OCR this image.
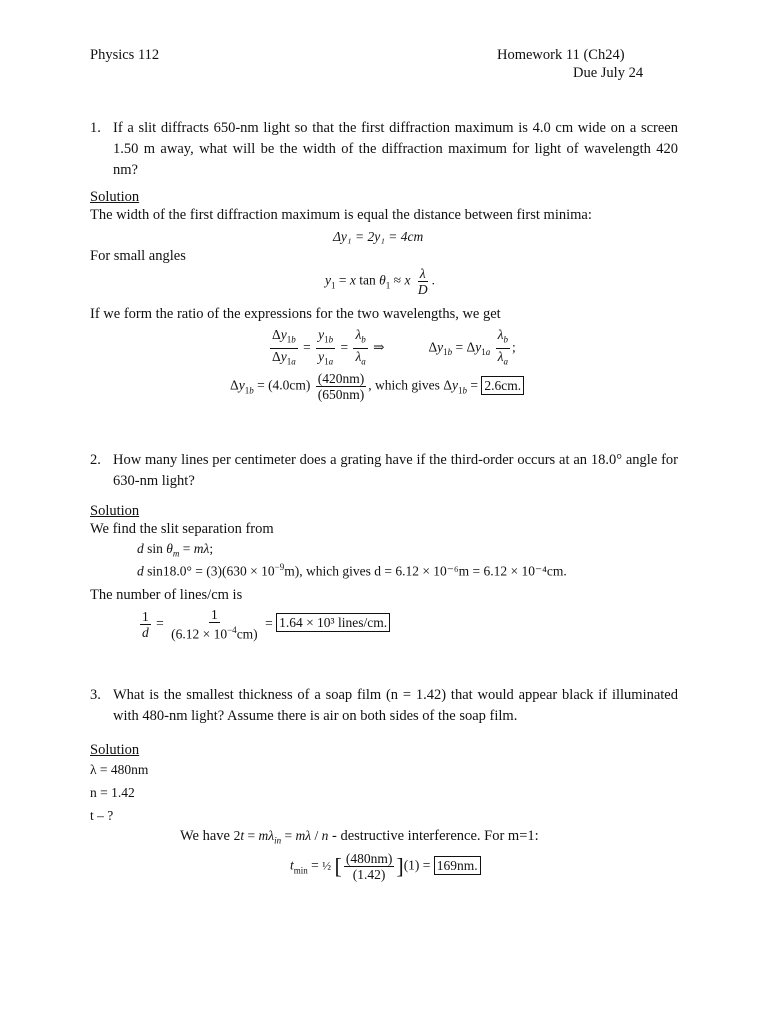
Physics 112	Homework 11 (Ch24)
Due July 24
1. If a slit diffracts 650-nm light so that the first diffraction maximum is 4.0 cm wide on a screen 1.50 m away, what will be the width of the diffraction maximum for light of wavelength 420 nm?
Solution
The width of the first diffraction maximum is equal the distance between first minima:
Δy₁ = 2y₁ = 4cm
For small angles
$y_1 = x$ $\tan \theta_1 \approx x \frac{\lambda}{D}$ .
If we form the ratio of the expressions for the two wavelengths, we get
$\frac{\Delta y_{1b}}{\Delta y_{1a}} = \frac{y_{1b}}{y_{1a}} = \frac{\lambda_b}{\lambda_a}$ ⇒	$\Delta y_{1b} = \Delta y_{1a} \frac{\lambda_b}{\lambda_a}$ ;
$\Delta y_{1b} = (4.0cm) \frac{(420nm)}{(650nm)}$ , which gives $\Delta y_{1b} = 2.6cm$.
2. How many lines per centimeter does a grating have if the third-order occurs at an 18.0° angle for 630-nm light?
Solution
We find the slit separation from
d $\sin \theta_m = m\lambda$;
d $\sin 18.0^\circ = (3)(630 \times 10^{-9}m)$, which gives d = 6.12 × 10⁻⁶m = 6.12 × 10⁻⁴cm.
The number of lines/cm is
$\frac{1}{d} = \frac{1}{(6.12 \times 10^{-4}cm)} = 1.64 \times 10^3$ lines/cm.
3. What is the smallest thickness of a soap film (n = 1.42) that would appear black if illuminated with 480-nm light? Assume there is air on both sides of the soap film.
Solution
λ = 480nm
n = 1.42
t – ?
We have $2t = m\lambda_{in} = m\lambda / n$ - destructive interference. For m=1:
$t_{min}$ = ½ [ $\frac{(480nm)}{(1.42)} ](1) = 169nm$.
